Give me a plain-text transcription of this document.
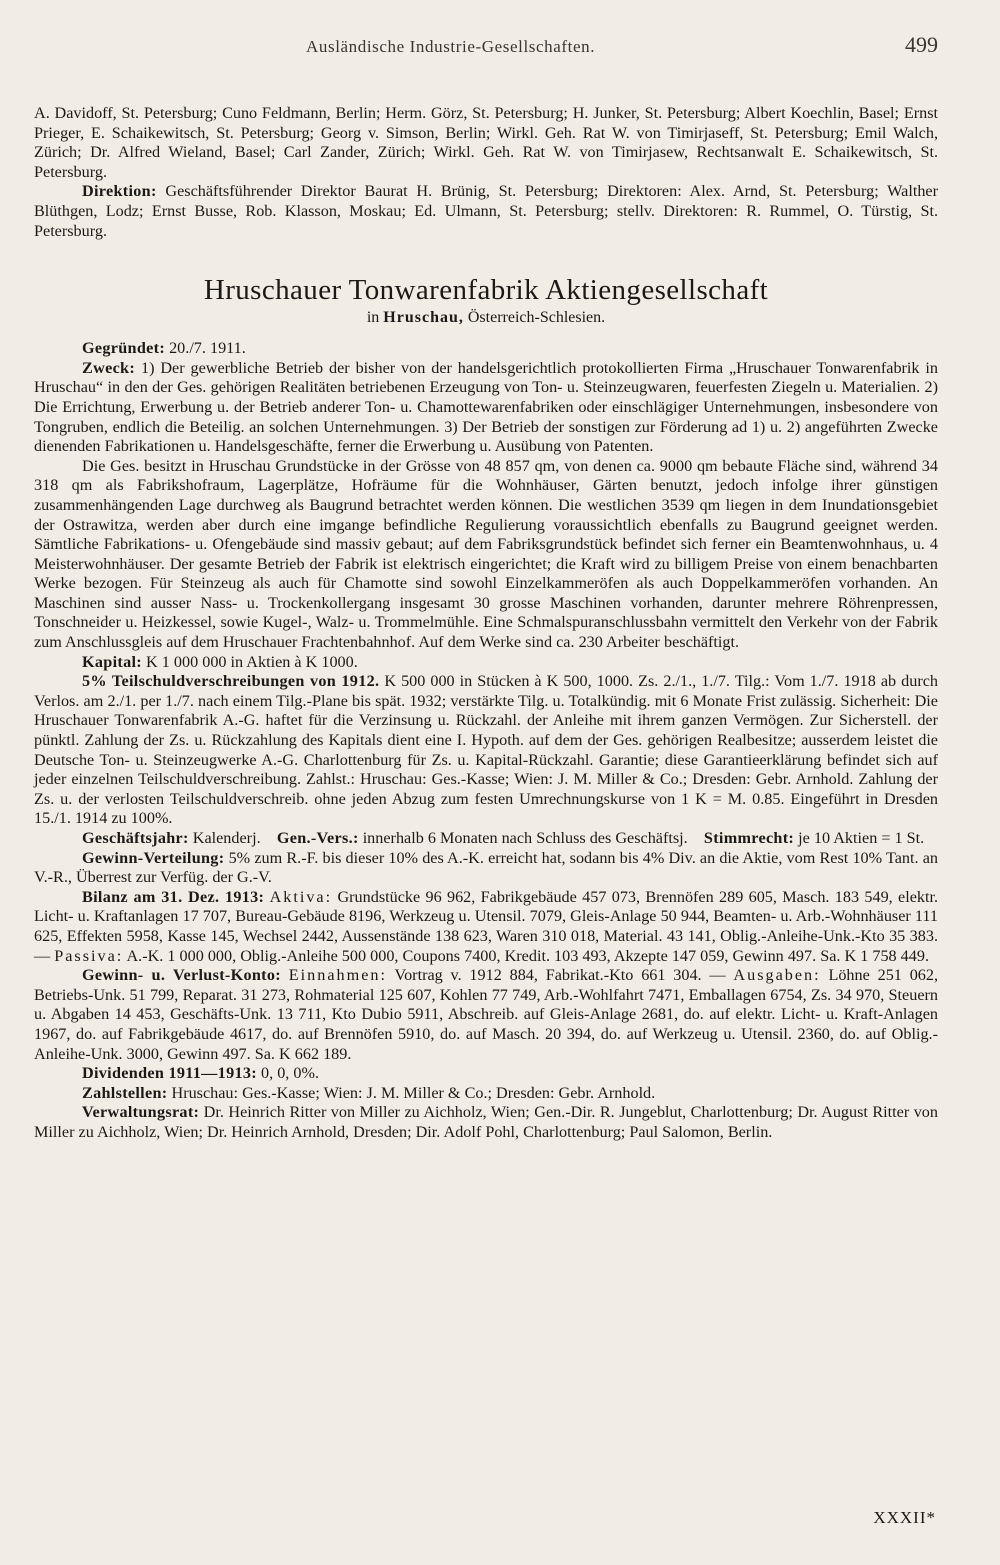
Ausländische Industrie-Gesellschaften.	499

A. Davidoff, St. Petersburg; Cuno Feldmann, Berlin; Herm. Görz, St. Petersburg; H. Junker, St. Petersburg; Albert Koechlin, Basel; Ernst Prieger, E. Schaikewitsch, St. Petersburg; Georg v. Simson, Berlin; Wirkl. Geh. Rat W. von Timirjaseff, St. Petersburg; Emil Walch, Zürich; Dr. Alfred Wieland, Basel; Carl Zander, Zürich; Wirkl. Geh. Rat W. von Timirjasew, Rechtsanwalt E. Schaikewitsch, St. Petersburg.

Direktion: Geschäftsführender Direktor Baurat H. Brünig, St. Petersburg; Direktoren: Alex. Arnd, St. Petersburg; Walther Blüthgen, Lodz; Ernst Busse, Rob. Klasson, Moskau; Ed. Ulmann, St. Petersburg; stellv. Direktoren: R. Rummel, O. Türstig, St. Petersburg.

Hruschauer Tonwarenfabrik Aktiengesellschaft
in Hruschau, Österreich-Schlesien.

Gegründet: 20./7. 1911.

Zweck: 1) Der gewerbliche Betrieb der bisher von der handelsgerichtlich protokollierten Firma „Hruschauer Tonwarenfabrik in Hruschau“ in den der Ges. gehörigen Realitäten betriebenen Erzeugung von Ton- u. Steinzeugwaren, feuerfesten Ziegeln u. Materialien. 2) Die Errichtung, Erwerbung u. der Betrieb anderer Ton- u. Chamottewarenfabriken oder einschlägiger Unternehmungen, insbesondere von Tongruben, endlich die Beteilig. an solchen Unternehmungen. 3) Der Betrieb der sonstigen zur Förderung ad 1) u. 2) angeführten Zwecke dienenden Fabrikationen u. Handelsgeschäfte, ferner die Erwerbung u. Ausübung von Patenten.

Die Ges. besitzt in Hruschau Grundstücke in der Grösse von 48 857 qm, von denen ca. 9000 qm bebaute Fläche sind, während 34 318 qm als Fabrikshofraum, Lagerplätze, Hofräume für die Wohnhäuser, Gärten benutzt, jedoch infolge ihrer günstigen zusammenhängenden Lage durchweg als Baugrund betrachtet werden können. Die westlichen 3539 qm liegen in dem Inundationsgebiet der Ostrawitza, werden aber durch eine imgange befindliche Regulierung voraussichtlich ebenfalls zu Baugrund geeignet werden. Sämtliche Fabrikations- u. Ofengebäude sind massiv gebaut; auf dem Fabriksgrundstück befindet sich ferner ein Beamtenwohnhaus, u. 4 Meisterwohnhäuser. Der gesamte Betrieb der Fabrik ist elektrisch eingerichtet; die Kraft wird zu billigem Preise von einem benachbarten Werke bezogen. Für Steinzeug als auch für Chamotte sind sowohl Einzelkammeröfen als auch Doppelkammeröfen vorhanden. An Maschinen sind ausser Nass- u. Trockenkollergang insgesamt 30 grosse Maschinen vorhanden, darunter mehrere Röhrenpressen, Tonschneider u. Heizkessel, sowie Kugel-, Walz- u. Trommelmühle. Eine Schmalspuranschlussbahn vermittelt den Verkehr von der Fabrik zum Anschlussgleis auf dem Hruschauer Frachtenbahnhof. Auf dem Werke sind ca. 230 Arbeiter beschäftigt.

Kapital: K 1 000 000 in Aktien à K 1000.

5% Teilschuldverschreibungen von 1912. K 500 000 in Stücken à K 500, 1000. Zs. 2./1., 1./7. Tilg.: Vom 1./7. 1918 ab durch Verlos. am 2./1. per 1./7. nach einem Tilg.-Plane bis spät. 1932; verstärkte Tilg. u. Totalkündig. mit 6 Monate Frist zulässig. Sicherheit: Die Hruschauer Tonwarenfabrik A.-G. haftet für die Verzinsung u. Rückzahl. der Anleihe mit ihrem ganzen Vermögen. Zur Sicherstell. der pünktl. Zahlung der Zs. u. Rückzahlung des Kapitals dient eine I. Hypoth. auf dem der Ges. gehörigen Realbesitze; ausserdem leistet die Deutsche Ton- u. Steinzeugwerke A.-G. Charlottenburg für Zs. u. Kapital-Rückzahl. Garantie; diese Garantieerklärung befindet sich auf jeder einzelnen Teilschuldverschreibung. Zahlst.: Hruschau: Ges.-Kasse; Wien: J. M. Miller & Co.; Dresden: Gebr. Arnhold. Zahlung der Zs. u. der verlosten Teilschuldverschreib. ohne jeden Abzug zum festen Umrechnungskurse von 1 K = M. 0.85. Eingeführt in Dresden 15./1. 1914 zu 100%.

Geschäftsjahr: Kalenderj. Gen.-Vers.: innerhalb 6 Monaten nach Schluss des Geschäftsj. Stimmrecht: je 10 Aktien = 1 St.

Gewinn-Verteilung: 5% zum R.-F. bis dieser 10% des A.-K. erreicht hat, sodann bis 4% Div. an die Aktie, vom Rest 10% Tant. an V.-R., Überrest zur Verfüg. der G.-V.

Bilanz am 31. Dez. 1913: Aktiva: Grundstücke 96 962, Fabrikgebäude 457 073, Brennöfen 289 605, Masch. 183 549, elektr. Licht- u. Kraftanlagen 17 707, Bureau-Gebäude 8196, Werkzeug u. Utensil. 7079, Gleis-Anlage 50 944, Beamten- u. Arb.-Wohnhäuser 111 625, Effekten 5958, Kasse 145, Wechsel 2442, Aussenstände 138 623, Waren 310 018, Material. 43 141, Oblig.-Anleihe-Unk.-Kto 35 383. — Passiva: A.-K. 1 000 000, Oblig.-Anleihe 500 000, Coupons 7400, Kredit. 103 493, Akzepte 147 059, Gewinn 497. Sa. K 1 758 449.

Gewinn- u. Verlust-Konto: Einnahmen: Vortrag v. 1912 884, Fabrikat.-Kto 661 304. — Ausgaben: Löhne 251 062, Betriebs-Unk. 51 799, Reparat. 31 273, Rohmaterial 125 607, Kohlen 77 749, Arb.-Wohlfahrt 7471, Emballagen 6754, Zs. 34 970, Steuern u. Abgaben 14 453, Geschäfts-Unk. 13 711, Kto Dubio 5911, Abschreib. auf Gleis-Anlage 2681, do. auf elektr. Licht- u. Kraft-Anlagen 1967, do. auf Fabrikgebäude 4617, do. auf Brennöfen 5910, do. auf Masch. 20 394, do. auf Werkzeug u. Utensil. 2360, do. auf Oblig.-Anleihe-Unk. 3000, Gewinn 497. Sa. K 662 189.

Dividenden 1911—1913: 0, 0, 0%.

Zahlstellen: Hruschau: Ges.-Kasse; Wien: J. M. Miller & Co.; Dresden: Gebr. Arnhold.

Verwaltungsrat: Dr. Heinrich Ritter von Miller zu Aichholz, Wien; Gen.-Dir. R. Jungeblut, Charlottenburg; Dr. August Ritter von Miller zu Aichholz, Wien; Dr. Heinrich Arnhold, Dresden; Dir. Adolf Pohl, Charlottenburg; Paul Salomon, Berlin.

XXXII*
